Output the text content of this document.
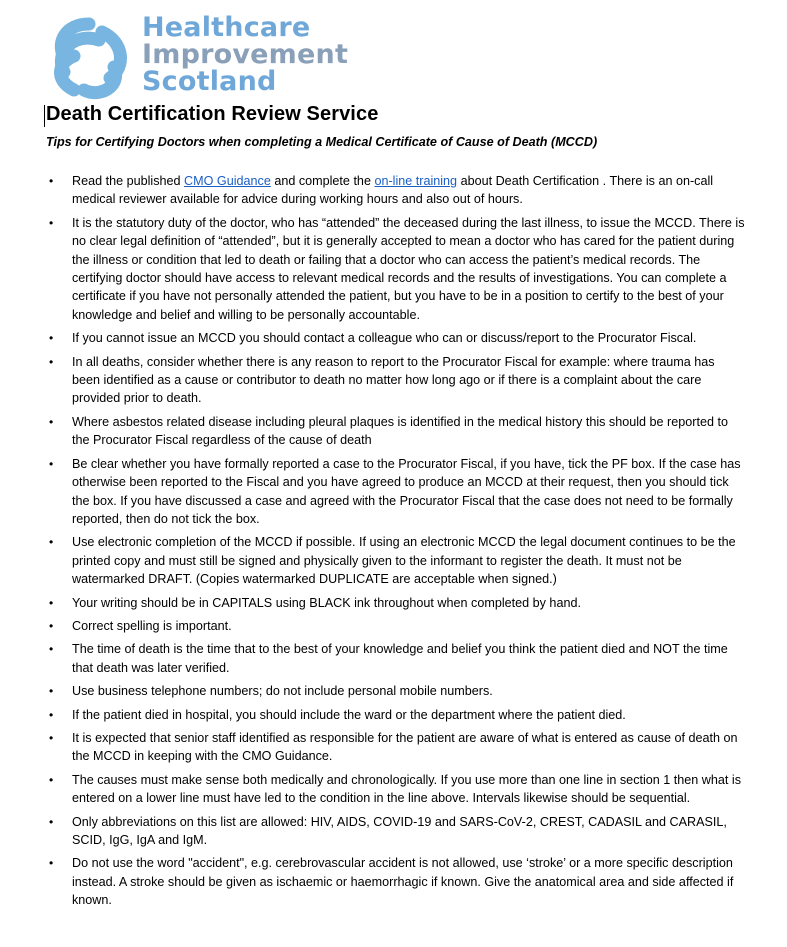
Healthcare
Improvement
Scotland
Death Certification Review Service

Tips for Certifying Doctors when completing a Medical Certificate of Cause of Death (MCCD)

• Read the published CMO Guidance and complete the on-line training about Death Certification . There is an on-call medical reviewer available for advice during working hours and also out of hours.
• It is the statutory duty of the doctor, who has “attended” the deceased during the last illness, to issue the MCCD. There is no clear legal definition of “attended”, but it is generally accepted to mean a doctor who has cared for the patient during the illness or condition that led to death or failing that a doctor who can access the patient’s medical records. The certifying doctor should have access to relevant medical records and the results of investigations. You can complete a certificate if you have not personally attended the patient, but you have to be in a position to certify to the best of your knowledge and belief and willing to be personally accountable.
• If you cannot issue an MCCD you should contact a colleague who can or discuss/report to the Procurator Fiscal.
• In all deaths, consider whether there is any reason to report to the Procurator Fiscal for example: where trauma has been identified as a cause or contributor to death no matter how long ago or if there is a complaint about the care provided prior to death.
• Where asbestos related disease including pleural plaques is identified in the medical history this should be reported to the Procurator Fiscal regardless of the cause of death
• Be clear whether you have formally reported a case to the Procurator Fiscal, if you have, tick the PF box. If the case has otherwise been reported to the Fiscal and you have agreed to produce an MCCD at their request, then you should tick the box. If you have discussed a case and agreed with the Procurator Fiscal that the case does not need to be formally reported, then do not tick the box.
• Use electronic completion of the MCCD if possible. If using an electronic MCCD the legal document continues to be the printed copy and must still be signed and physically given to the informant to register the death. It must not be watermarked DRAFT. (Copies watermarked DUPLICATE are acceptable when signed.)
• Your writing should be in CAPITALS using BLACK ink throughout when completed by hand.
• Correct spelling is important.
• The time of death is the time that to the best of your knowledge and belief you think the patient died and NOT the time that death was later verified.
• Use business telephone numbers; do not include personal mobile numbers.
• If the patient died in hospital, you should include the ward or the department where the patient died.
• It is expected that senior staff identified as responsible for the patient are aware of what is entered as cause of death on the MCCD in keeping with the CMO Guidance.
• The causes must make sense both medically and chronologically. If you use more than one line in section 1 then what is entered on a lower line must have led to the condition in the line above. Intervals likewise should be sequential.
• Only abbreviations on this list are allowed: HIV, AIDS, COVID-19 and SARS-CoV-2, CREST, CADASIL and CARASIL, SCID, IgG, IgA and IgM.
• Do not use the word "accident", e.g. cerebrovascular accident is not allowed, use ‘stroke’ or a more specific description instead. A stroke should be given as ischaemic or haemorrhagic if known. Give the anatomical area and side affected if known.
